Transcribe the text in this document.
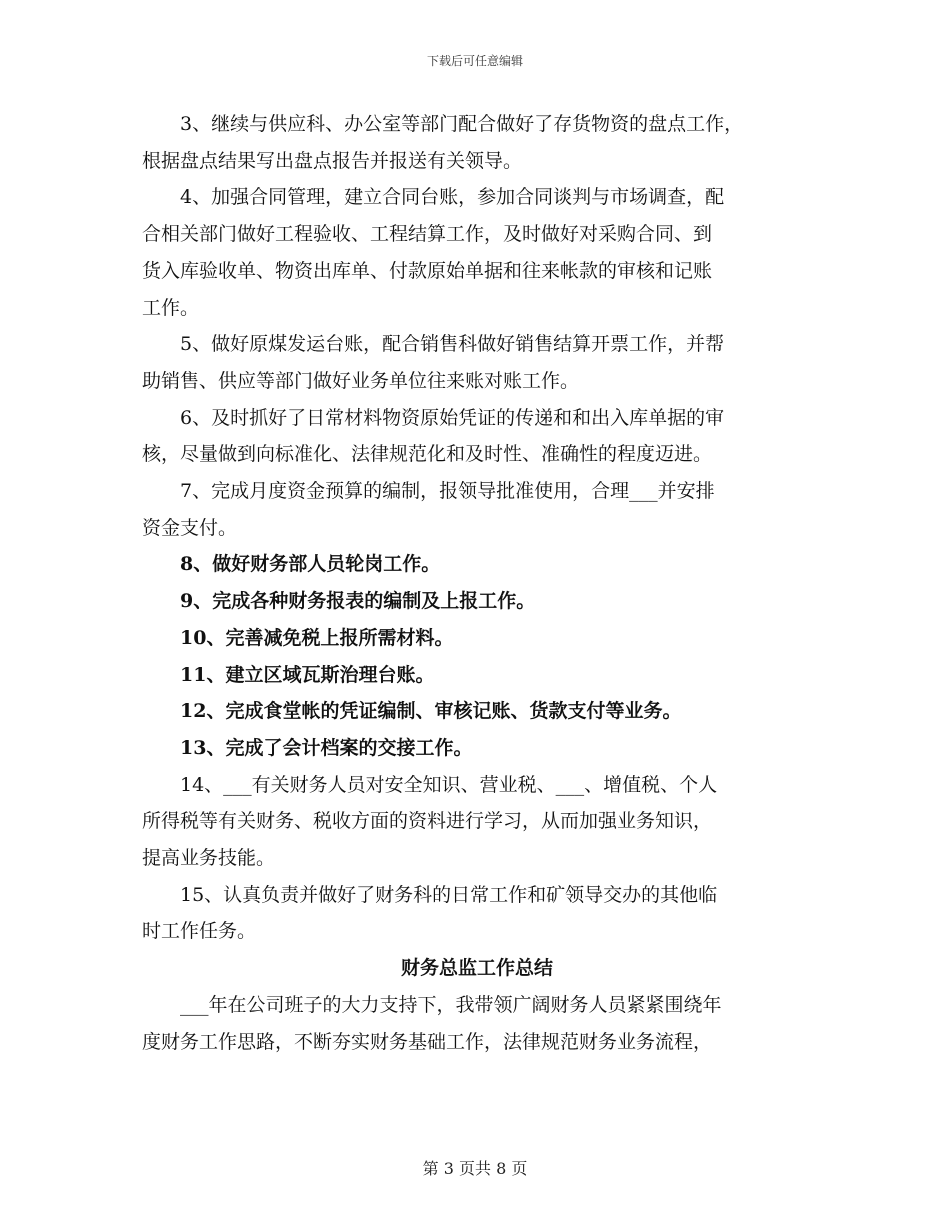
下载后可任意编辑

3、继续与供应科、办公室等部门配合做好了存货物资的盘点工作，
根据盘点结果写出盘点报告并报送有关领导。

4、加强合同管理，建立合同台账，参加合同谈判与市场调查，配
合相关部门做好工程验收、工程结算工作，及时做好对采购合同、到
货入库验收单、物资出库单、付款原始单据和往来帐款的审核和记账
工作。

5、做好原煤发运台账，配合销售科做好销售结算开票工作，并帮
助销售、供应等部门做好业务单位往来账对账工作。

6、及时抓好了日常材料物资原始凭证的传递和和出入库单据的审
核，尽量做到向标准化、法律规范化和及时性、准确性的程度迈进。

7、完成月度资金预算的编制，报领导批准使用，合理___并安排
资金支付。

8、做好财务部人员轮岗工作。

9、完成各种财务报表的编制及上报工作。

10、完善减免税上报所需材料。

11、建立区域瓦斯治理台账。

12、完成食堂帐的凭证编制、审核记账、货款支付等业务。

13、完成了会计档案的交接工作。

14、___有关财务人员对安全知识、营业税、___、增值税、个人
所得税等有关财务、税收方面的资料进行学习，从而加强业务知识，
提高业务技能。

15、认真负责并做好了财务科的日常工作和矿领导交办的其他临
时工作任务。

财务总监工作总结

___年在公司班子的大力支持下，我带领广阔财务人员紧紧围绕年
度财务工作思路，不断夯实财务基础工作，法律规范财务业务流程，

第 3 页共 8 页
